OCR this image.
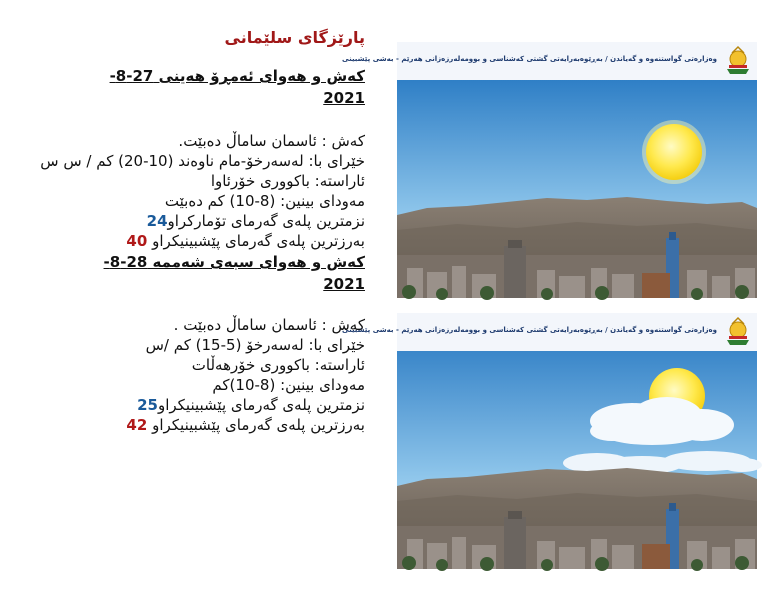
پارێزگای سلێمانی

کەش و هەوای ئەمڕۆ هەینی 27-8-2021

کەش : ئاسمان ساماڵ دەبێت.

خێرای با: لەسەرخۆ-مام ناوەند (10-20) کم / س س

ئاراستە: باکووری خۆرئاوا

مەودای بینین: (8-10) کم دەبێت

نزمترین پلەی گەرمای تۆمارکراو24

بەرزترین پلەی گەرمای پێشبینیکراو 40

کەش و هەوای سبەی شەممە 28-8-2021

کەش : ئاسمان ساماڵ دەبێت .

خێرای با: لەسەرخۆ (5-15) کم /س

ئاراستە: باکووری خۆرهەڵات

مەودای بینین: (8-10)کم

نزمترین پلەی گەرمای پێشبینیکراو25

بەرزترین پلەی گەرمای پێشبینیکراو 42

وەزارەتی گواستنەوە و گەیاندن / بەڕێوەبەرایەتی گشتی کەشناسی و بوومەلەرزەزانی هەرێم - بەشی پێشبینی
وەزارەتی گواستنەوە و گەیاندن / بەڕێوەبەرایەتی گشتی کەشناسی و بوومەلەرزەزانی هەرێم - بەشی پێشبینی
